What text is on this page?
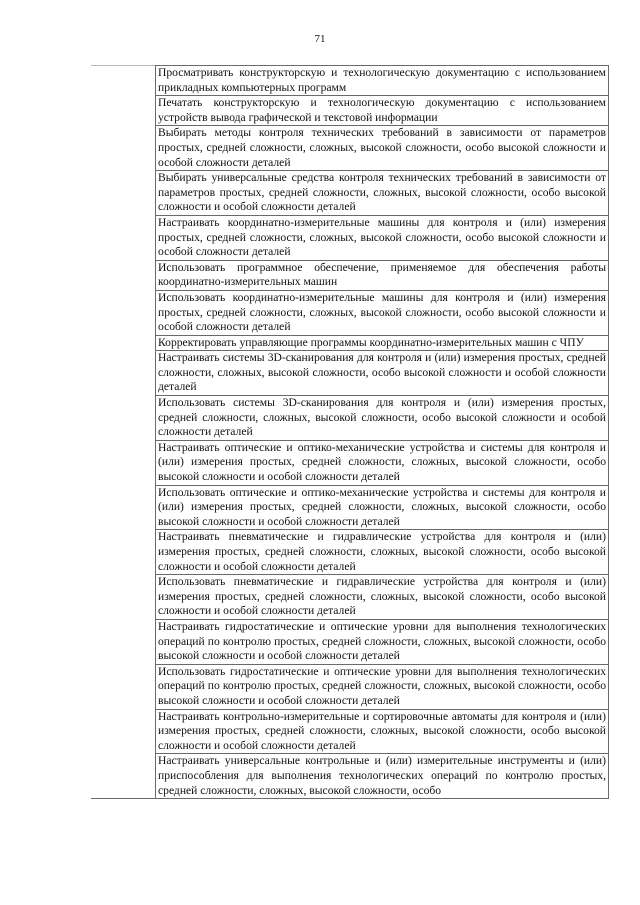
71
	Просматривать конструкторскую и технологическую документацию с использованием прикладных компьютерных программ
Печатать конструкторскую и технологическую документацию с использованием устройств вывода графической и текстовой информации
Выбирать методы контроля технических требований в зависимости от параметров простых, средней сложности, сложных, высокой сложности, особо высокой сложности и особой сложности деталей
Выбирать универсальные средства контроля технических требований в зависимости от параметров простых, средней сложности, сложных, высокой сложности, особо высокой сложности и особой сложности деталей
Настраивать координатно-измерительные машины для контроля и (или) измерения простых, средней сложности, сложных, высокой сложности, особо высокой сложности и особой сложности деталей
Использовать программное обеспечение, применяемое для обеспечения работы координатно-измерительных машин
Использовать координатно-измерительные машины для контроля и (или) измерения простых, средней сложности, сложных, высокой сложности, особо высокой сложности и особой сложности деталей
Корректировать управляющие программы координатно-измерительных машин с ЧПУ
Настраивать системы 3D-сканирования для контроля и (или) измерения простых, средней сложности, сложных, высокой сложности, особо высокой сложности и особой сложности деталей
Использовать системы 3D-сканирования для контроля и (или) измерения простых, средней сложности, сложных, высокой сложности, особо высокой сложности и особой сложности деталей
Настраивать оптические и оптико-механические устройства и системы для контроля и (или) измерения простых, средней сложности, сложных, высокой сложности, особо высокой сложности и особой сложности деталей
Использовать оптические и оптико-механические устройства и системы для контроля и (или) измерения простых, средней сложности, сложных, высокой сложности, особо высокой сложности и особой сложности деталей
Настраивать пневматические и гидравлические устройства для контроля и (или) измерения простых, средней сложности, сложных, высокой сложности, особо высокой сложности и особой сложности деталей
Использовать пневматические и гидравлические устройства для контроля и (или) измерения простых, средней сложности, сложных, высокой сложности, особо высокой сложности и особой сложности деталей
Настраивать гидростатические и оптические уровни для выполнения технологических операций по контролю простых, средней сложности, сложных, высокой сложности, особо высокой сложности и особой сложности деталей
Использовать гидростатические и оптические уровни для выполнения технологических операций по контролю простых, средней сложности, сложных, высокой сложности, особо высокой сложности и особой сложности деталей
Настраивать контрольно-измерительные и сортировочные автоматы для контроля и (или) измерения простых, средней сложности, сложных, высокой сложности, особо высокой сложности и особой сложности деталей

Настраивать универсальные контрольные и (или) измерительные инструменты и (или) приспособления для выполнения технологических операций по контролю простых, средней сложности, сложных, высокой сложности, особо
